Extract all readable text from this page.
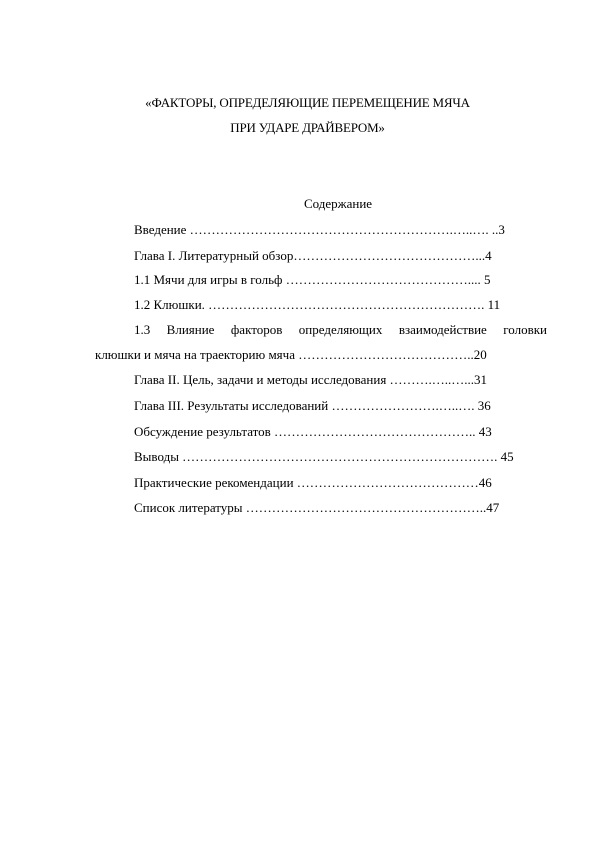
«ФАКТОРЫ, ОПРЕДЕЛЯЮЩИЕ ПЕРЕМЕЩЕНИЕ МЯЧА
ПРИ УДАРЕ ДРАЙВЕРОМ»
Содержание
Введение …………………………………………………….…..…. ..3
Глава I. Литературный обзор……………………………………...4
1.1 Мячи для игры в гольф …………………………………….... 5
1.2 Клюшки. ………………………………………………………. 11
1.3 Влияние факторов определяющих взаимодействие головки
клюшки и мяча на траекторию мяча …………………………………..20
Глава II. Цель, задачи и методы исследования ……….…..…...31
Глава III. Результаты исследований …………………….…..…. 36
Обсуждение результатов ……………………………………….. 43
Выводы ………………………………………………………………. 45
Практические рекомендации ……………………………………46
Список литературы ………………………………………………..47
